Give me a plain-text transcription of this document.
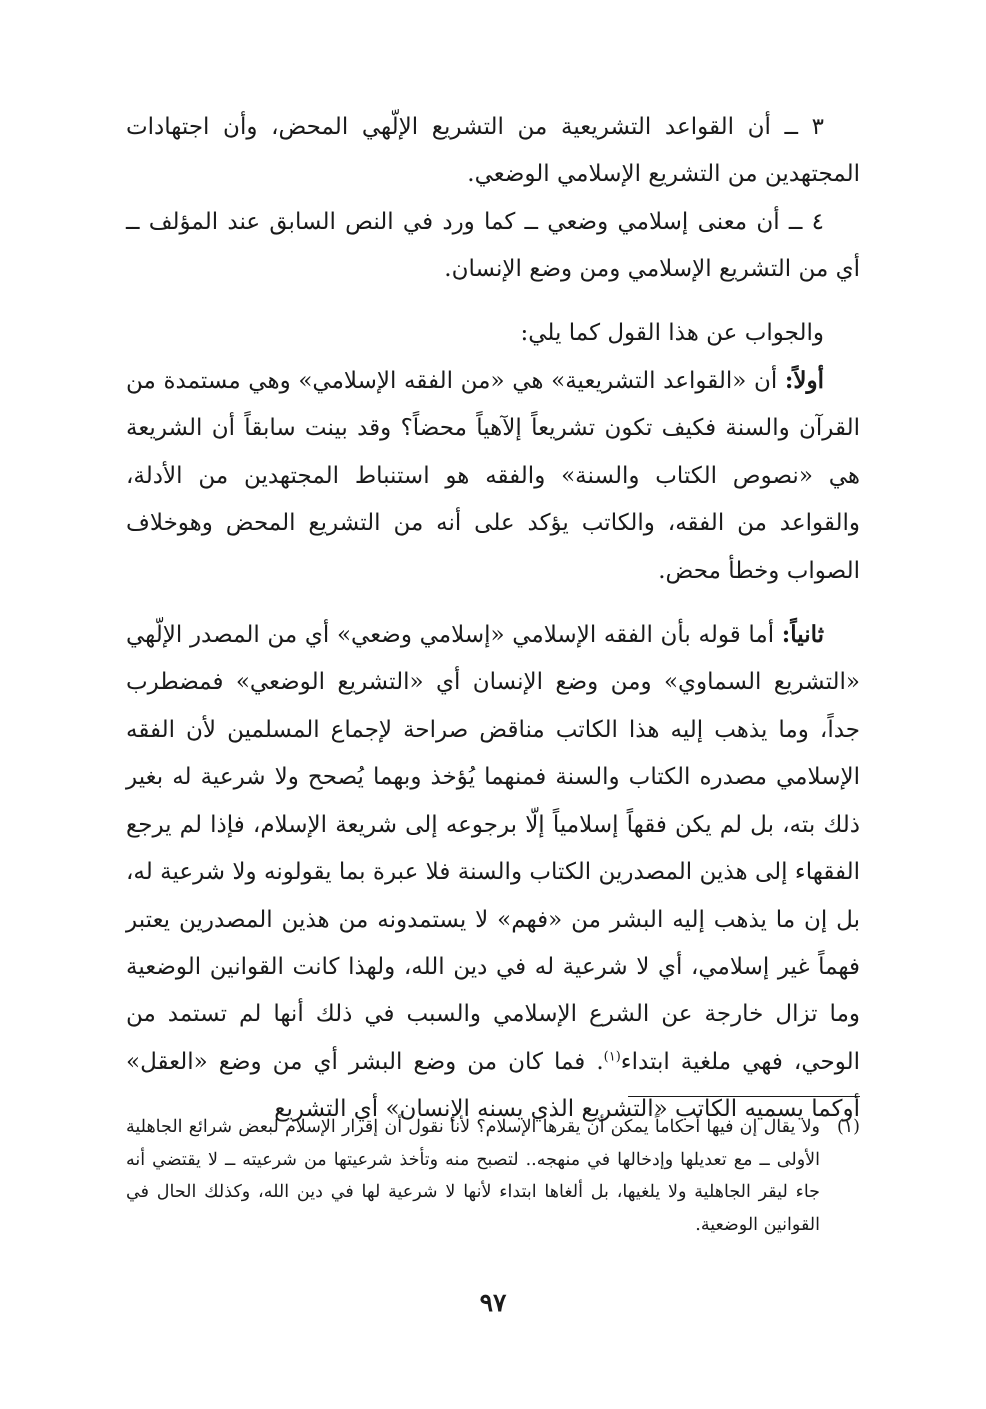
٣ ــ أن القواعد التشريعية من التشريع الإلّهي المحض، وأن اجتهادات المجتهدين من التشريع الإسلامي الوضعي.

٤ ــ أن معنى إسلامي وضعي ــ كما ورد في النص السابق عند المؤلف ــ أي من التشريع الإسلامي ومن وضع الإنسان.

والجواب عن هذا القول كما يلي:

أولاً: أن «القواعد التشريعية» هي «من الفقه الإسلامي» وهي مستمدة من القرآن والسنة فكيف تكون تشريعاً إلآهياً محضاً؟ وقد بينت سابقاً أن الشريعة هي «نصوص الكتاب والسنة» والفقه هو استنباط المجتهدين من الأدلة، والقواعد من الفقه، والكاتب يؤكد على أنه من التشريع المحض وهوخلاف الصواب وخطأ محض.

ثانياً: أما قوله بأن الفقه الإسلامي «إسلامي وضعي» أي من المصدر الإلّهي «التشريع السماوي» ومن وضع الإنسان أي «التشريع الوضعي» فمضطرب جداً، وما يذهب إليه هذا الكاتب مناقض صراحة لإجماع المسلمين لأن الفقه الإسلامي مصدره الكتاب والسنة فمنهما يُؤخذ وبهما يُصحح ولا شرعية له بغير ذلك بته، بل لم يكن فقهاً إسلامياً إلّا برجوعه إلى شريعة الإسلام، فإذا لم يرجع الفقهاء إلى هذين المصدرين الكتاب والسنة فلا عبرة بما يقولونه ولا شرعية له، بل إن ما يذهب إليه البشر من «فهم» لا يستمدونه من هذين المصدرين يعتبر فهماً غير إسلامي، أي لا شرعية له في دين الله، ولهذا كانت القوانين الوضعية وما تزال خارجة عن الشرع الإسلامي والسبب في ذلك أنها لم تستمد من الوحي، فهي ملغية ابتداء$^{(١)}$. فما كان من وضع البشر أي من وضع «العقل» أوكما يسميه الكاتب «التشريع الذي يسنه الإنسان» أي التشريع

(١)ولا يقال إن فيها أحكاماً يمكن أن يقرها الإسلام؟ لأنا نقول أن إقرار الإسلام لبعض شرائع الجاهلية الأولى ــ مع تعديلها وإدخالها في منهجه.. لتصبح منه وتأخذ شرعيتها من شرعيته ــ لا يقتضي أنه جاء ليقر الجاهلية ولا يلغيها، بل ألغاها ابتداء لأنها لا شرعية لها في دين الله، وكذلك الحال في القوانين الوضعية.

٩٧
